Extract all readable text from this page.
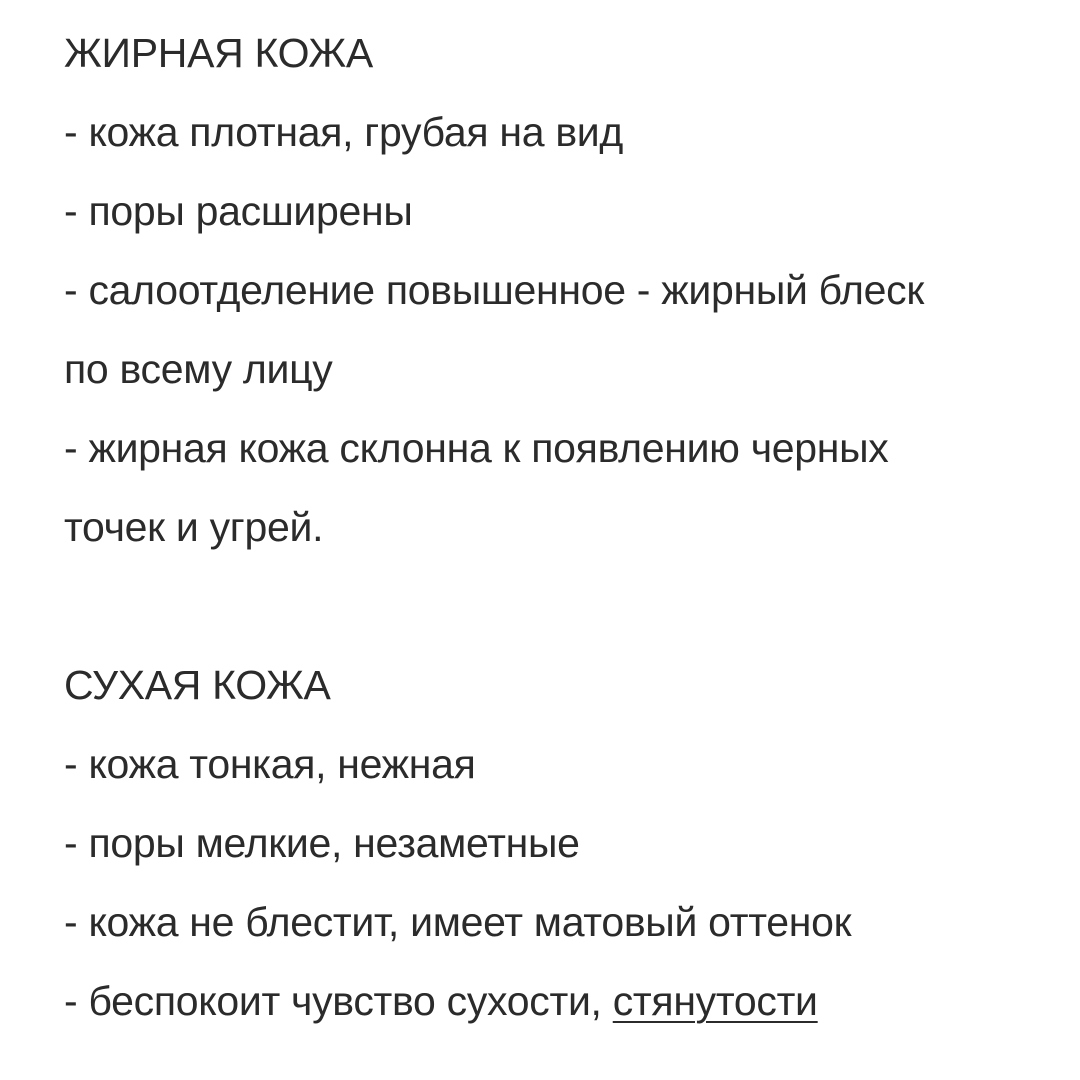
ЖИРНАЯ КОЖА
- кожа плотная, грубая на вид
- поры расширены
- салоотделение повышенное - жирный блеск
по всему лицу
- жирная кожа склонна к появлению черных
точек и угрей.
СУХАЯ КОЖА
- кожа тонкая, нежная
- поры мелкие, незаметные
- кожа не блестит, имеет матовый оттенок
- беспокоит чувство сухости, стянутости
